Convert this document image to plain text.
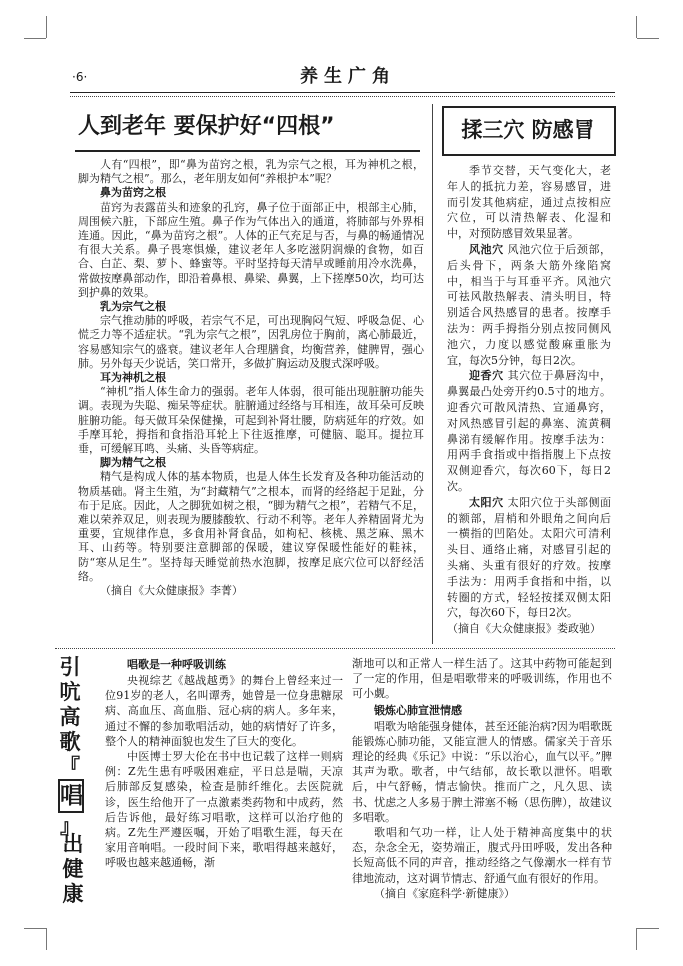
·6·	养生广角
人到老年 要保护好“四根”

人有“四根”，即“鼻为苗窍之根，乳为宗气之根，耳为神机之根，脚为精气之根”。那么，老年朋友如何“养根护本”呢？

鼻为苗窍之根

苗窍为表露苗头和迹象的孔窍，鼻子位于面部正中，根部主心肺，周围候六脏，下部应生殖。鼻子作为气体出入的通道，将肺部与外界相连通。因此，“鼻为苗窍之根”。人体的正气充足与否，与鼻的畅通情况有很大关系。鼻子畏寒惧燥，建议老年人多吃滋阴润燥的食物，如百合、白芷、梨、萝卜、蜂蜜等。平时坚持每天清早或睡前用冷水洗鼻，常做按摩鼻部动作，即沿着鼻根、鼻梁、鼻翼，上下搓摩50次，均可达到护鼻的效果。

乳为宗气之根

宗气推动肺的呼吸，若宗气不足，可出现胸闷气短、呼吸急促、心慌乏力等不适症状。“乳为宗气之根”，因乳房位于胸前，离心肺最近，容易感知宗气的盛衰。建议老年人合理膳食，均衡营养，健脾胃，强心肺。另外每天少说话，笑口常开，多做扩胸运动及腹式深呼吸。

耳为神机之根

“神机”指人体生命力的强弱。老年人体弱，很可能出现脏腑功能失调。表现为失聪、痴呆等症状。脏腑通过经络与耳相连，故耳朵可反映脏腑功能。每天做耳朵保健操，可起到补肾壮腰，防病延年的疗效。如手摩耳轮，拇指和食指沿耳轮上下往返推摩，可健脑、聪耳。提拉耳垂，可缓解耳鸣、头痛、头昏等病症。

脚为精气之根

精气是构成人体的基本物质，也是人体生长发育及各种功能活动的物质基础。肾主生殖，为“封藏精气”之根本，而肾的经络起于足趾，分布于足底。因此，人之脚犹如树之根，“脚为精气之根”，若精气不足，难以荣养双足，则表现为腰膝酸软、行动不利等。老年人养精固肾尤为重要，宜规律作息，多食用补肾食品，如枸杞、核桃、黑芝麻、黑木耳、山药等。特别要注意脚部的保暖，建议穿保暖性能好的鞋袜，防“寒从足生”。坚持每天睡觉前热水泡脚，按摩足底穴位可以舒经活络。

（摘自《大众健康报》李菁）

揉三穴 防感冒

季节交替，天气变化大，老年人的抵抗力差，容易感冒，进而引发其他病症，通过点按相应穴位，可以清热解表、化湿和中，对预防感冒效果显著。

风池穴 风池穴位于后颈部，后头骨下，两条大筋外缘陷窝中，相当于与耳垂平齐。风池穴可祛风散热解表、清头明目，特别适合风热感冒的患者。按摩手法为：两手拇指分别点按同侧风池穴，力度以感觉酸麻重胀为宜，每次5分钟，每日2次。

迎香穴 其穴位于鼻唇沟中，鼻翼最凸处旁开约0.5寸的地方。迎香穴可散风清热、宣通鼻窍，对风热感冒引起的鼻塞、流黄稠鼻涕有缓解作用。按摩手法为：用两手食指或中指指腹上下点按双侧迎香穴，每次60下，每日2次。

太阳穴 太阳穴位于头部侧面的额部，眉梢和外眼角之间向后一横指的凹陷处。太阳穴可清利头目、通络止痛，对感冒引起的头痛、头重有很好的疗效。按摩手法为：用两手食指和中指，以转圈的方式，轻轻按揉双侧太阳穴，每次60下，每日2次。

（摘自《大众健康报》娄政驰）

引
吭
高
歌
『
唱
』
出
健
康

唱歌是一种呼吸训练

央视综艺《越战越勇》的舞台上曾经来过一位91岁的老人，名叫谭秀，她曾是一位身患糖尿病、高血压、高血脂、冠心病的病人。多年来，通过不懈的参加歌唱活动，她的病情好了许多，整个人的精神面貌也发生了巨大的变化。

中医博士罗大伦在书中也记载了这样一则病例：Z先生患有呼吸困难症，平日总是喘，天凉后肺部反复感染，检查是肺纤维化。去医院就诊，医生给他开了一点激素类药物和中成药，然后告诉他，最好练习唱歌，这样可以治疗他的病。Z先生严遵医嘱，开始了唱歌生涯，每天在家用音响唱。一段时间下来，歌唱得越来越好，呼吸也越来越通畅，渐

渐地可以和正常人一样生活了。这其中药物可能起到了一定的作用，但是唱歌带来的呼吸训练，作用也不可小觑。

锻炼心肺宣泄情感

唱歌为啥能强身健体，甚至还能治病?因为唱歌既能锻炼心肺功能，又能宣泄人的情感。儒家关于音乐理论的经典《乐记》中说：“乐以治心，血气以平。”脾其声为歌。歌者，中气结郁，故长歌以泄怀。唱歌后，中气舒畅，情志愉快。推而广之，凡久思、读书、忧虑之人多易于脾土滞塞不畅（思伤脾），故建议多唱歌。

歌唱和气功一样，让人处于精神高度集中的状态，杂念全无，姿势端正，腹式丹田呼吸，发出各种长短高低不同的声音，推动经络之气像潮水一样有节律地流动，这对调节情志、舒通气血有很好的作用。

（摘自《家庭科学·新健康》）
